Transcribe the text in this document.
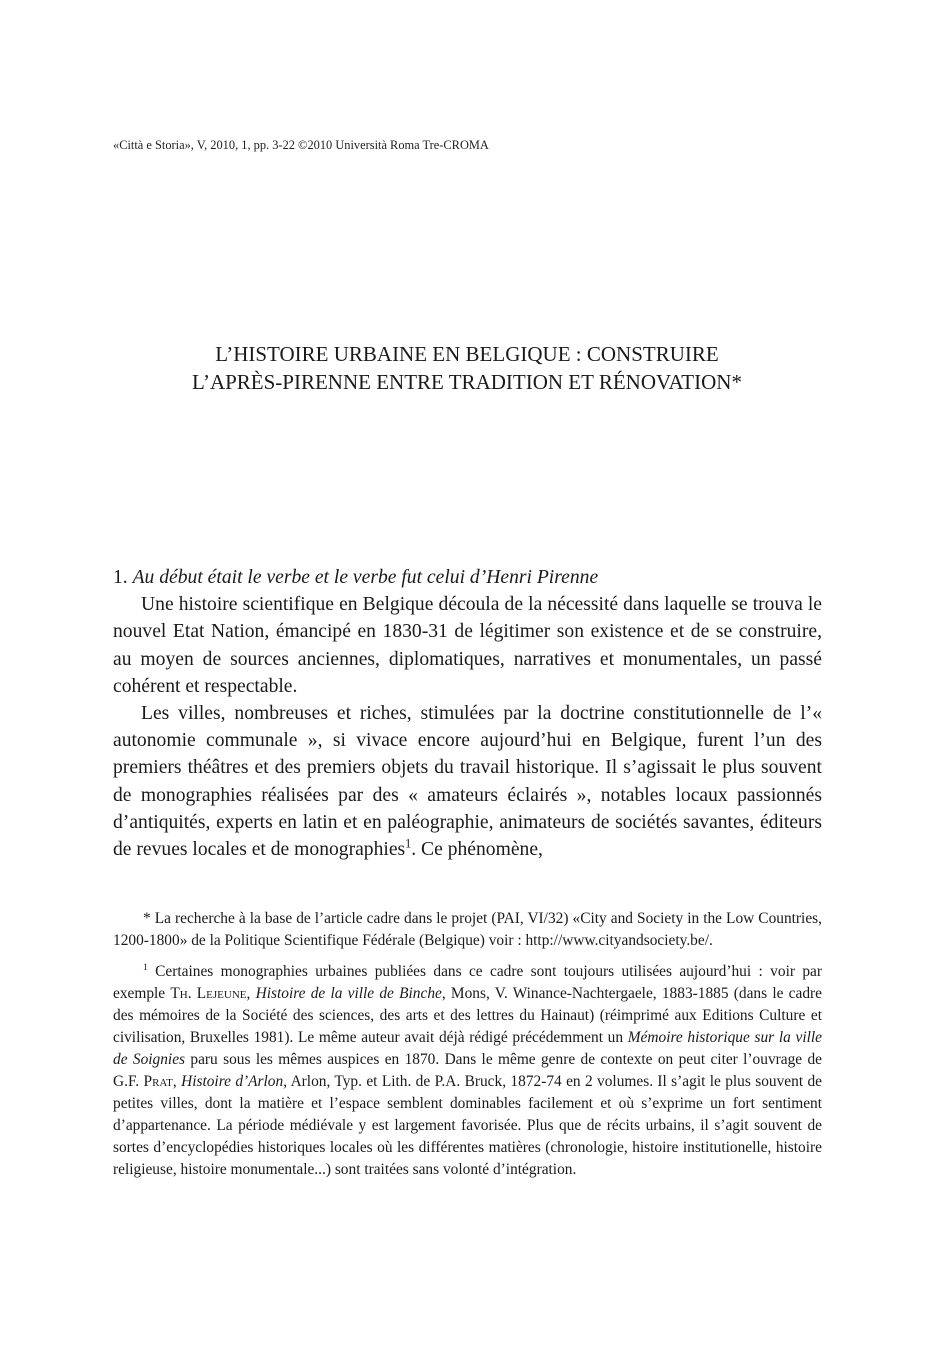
«Città e Storia», V, 2010, 1, pp. 3-22 ©2010 Università Roma Tre-CROMA
L’HISTOIRE URBAINE EN BELGIQUE : CONSTRUIRE
L’APRÈS-PIRENNE ENTRE TRADITION ET RÉNOVATION*
1. Au début était le verbe et le verbe fut celui d’Henri Pirenne

Une histoire scientifique en Belgique découla de la nécessité dans laquelle se trouva le nouvel Etat Nation, émancipé en 1830-31 de légitimer son existence et de se construire, au moyen de sources anciennes, diplomatiques, narratives et monumentales, un passé cohérent et respectable.

Les villes, nombreuses et riches, stimulées par la doctrine constitutionnelle de l’« autonomie communale », si vivace encore aujourd’hui en Belgique, furent l’un des premiers théâtres et des premiers objets du travail historique. Il s’agissait le plus souvent de monographies réalisées par des « amateurs éclairés », notables locaux passionnés d’antiquités, experts en latin et en paléographie, animateurs de sociétés savantes, éditeurs de revues locales et de monographies$^1$. Ce phénomène,

* La recherche à la base de l’article cadre dans le projet (PAI, VI/32) «City and Society in the Low Countries, 1200-1800» de la Politique Scientifique Fédérale (Belgique) voir : http://www.cityandsociety.be/.

$^1$ Certaines monographies urbaines publiées dans ce cadre sont toujours utilisées aujourd’hui : voir par exemple Th. Lejeune, Histoire de la ville de Binche, Mons, V. Winance-Nachtergaele, 1883-1885 (dans le cadre des mémoires de la Société des sciences, des arts et des lettres du Hainaut) (réimprimé aux Editions Culture et civilisation, Bruxelles 1981). Le même auteur avait déjà rédigé précédemment un Mémoire historique sur la ville de Soignies paru sous les mêmes auspices en 1870. Dans le même genre de contexte on peut citer l’ouvrage de G.F. Prat, Histoire d’Arlon, Arlon, Typ. et Lith. de P.A. Bruck, 1872-74 en 2 volumes. Il s’agit le plus souvent de petites villes, dont la matière et l’espace semblent dominables facilement et où s’exprime un fort sentiment d’appartenance. La période médiévale y est largement favorisée. Plus que de récits urbains, il s’agit souvent de sortes d’encyclopédies historiques locales où les différentes matières (chronologie, histoire institutionelle, histoire religieuse, histoire monumentale...) sont traitées sans volonté d’intégration.
